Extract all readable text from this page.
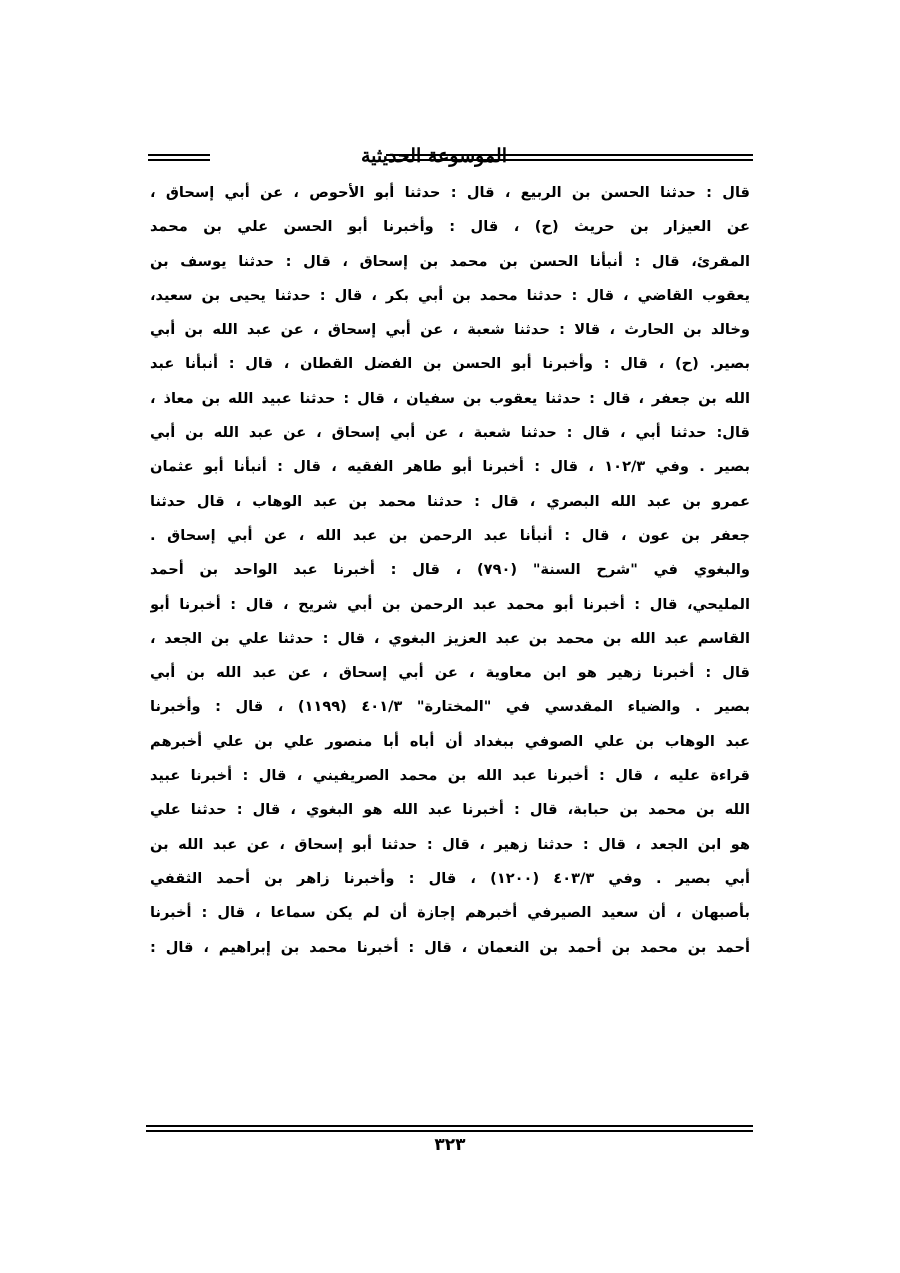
الموسوعة الحديثية
قال : حدثنا الحسن بن الربيع ، قال : حدثنا أبو الأحوص ، عن أبي إسحاق ،
عن العيزار بن حريث (ح) ، قال : وأخبرنا أبو الحسن علي بن محمد
المقرئ، قال : أنبأنا الحسن بن محمد بن إسحاق ، قال : حدثنا يوسف بن
يعقوب القاضي ، قال : حدثنا محمد بن أبي بكر ، قال : حدثنا يحيى بن سعيد،
وخالد بن الحارث ، قالا : حدثنا شعبة ، عن أبي إسحاق ، عن عبد الله بن أبي
بصير. (ح) ، قال : وأخبرنا أبو الحسن بن الفضل القطان ، قال : أنبأنا عبد
الله بن جعفر ، قال : حدثنا يعقوب بن سفيان ، قال : حدثنا عبيد الله بن معاذ ،
قال: حدثنا أبي ، قال : حدثنا شعبة ، عن أبي إسحاق ، عن عبد الله بن أبي
بصير . وفي ١٠٢/٣ ، قال : أخبرنا أبو طاهر الفقيه ، قال : أنبأنا أبو عثمان
عمرو بن عبد الله البصري ، قال : حدثنا محمد بن عبد الوهاب ، قال حدثنا
جعفر بن عون ، قال : أنبأنا عبد الرحمن بن عبد الله ، عن أبي إسحاق .
والبغوي في "شرح السنة" (٧٩٠) ، قال : أخبرنا عبد الواحد بن أحمد
المليحي، قال : أخبرنا أبو محمد عبد الرحمن بن أبي شريح ، قال : أخبرنا أبو
القاسم عبد الله بن محمد بن عبد العزيز البغوي ، قال : حدثنا علي بن الجعد ،
قال : أخبرنا زهير هو ابن معاوية ، عن أبي إسحاق ، عن عبد الله بن أبي
بصير . والضياء المقدسي في "المختارة" ٤٠١/٣ (١١٩٩) ، قال : وأخبرنا
عبد الوهاب بن علي الصوفي ببغداد أن أباه أبا منصور علي بن علي أخبرهم
قراءة عليه ، قال : أخبرنا عبد الله بن محمد الصريفيني ، قال : أخبرنا عبيد
الله بن محمد بن حبابة، قال : أخبرنا عبد الله هو البغوي ، قال : حدثنا علي
هو ابن الجعد ، قال : حدثنا زهير ، قال : حدثنا أبو إسحاق ، عن عبد الله بن
أبي بصير . وفي ٤٠٣/٣ (١٢٠٠) ، قال : وأخبرنا زاهر بن أحمد الثقفي
بأصبهان ، أن سعيد الصيرفي أخبرهم إجازة أن لم يكن سماعا ، قال : أخبرنا
أحمد بن محمد بن أحمد بن النعمان ، قال : أخبرنا محمد بن إبراهيم ، قال :
٣٢٣
